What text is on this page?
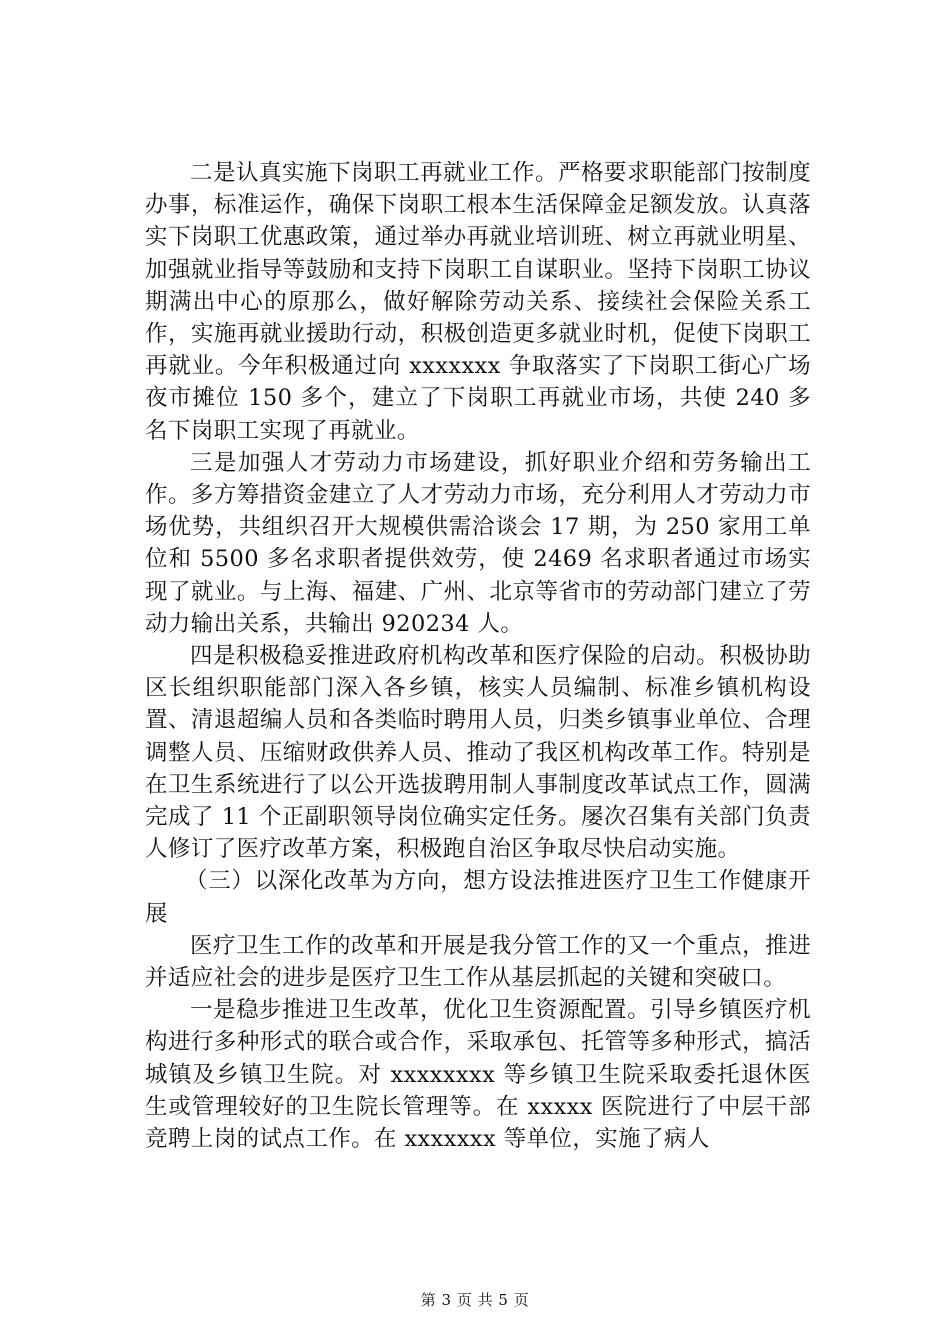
二是认真实施下岗职工再就业工作。严格要求职能部门按制度办事，标准运作，确保下岗职工根本生活保障金足额发放。认真落实下岗职工优惠政策，通过举办再就业培训班、树立再就业明星、加强就业指导等鼓励和支持下岗职工自谋职业。坚持下岗职工协议期满出中心的原那么，做好解除劳动关系、接续社会保险关系工作，实施再就业援助行动，积极创造更多就业时机，促使下岗职工再就业。今年积极通过向 xxxxxxx 争取落实了下岗职工街心广场夜市摊位 150 多个，建立了下岗职工再就业市场，共使 240 多名下岗职工实现了再就业。

三是加强人才劳动力市场建设，抓好职业介绍和劳务输出工作。多方筹措资金建立了人才劳动力市场，充分利用人才劳动力市场优势，共组织召开大规模供需洽谈会 17 期，为 250 家用工单位和 5500 多名求职者提供效劳，使 2469 名求职者通过市场实现了就业。与上海、福建、广州、北京等省市的劳动部门建立了劳动力输出关系，共输出 920234 人。

四是积极稳妥推进政府机构改革和医疗保险的启动。积极协助区长组织职能部门深入各乡镇，核实人员编制、标准乡镇机构设置、清退超编人员和各类临时聘用人员，归类乡镇事业单位、合理调整人员、压缩财政供养人员、推动了我区机构改革工作。特别是在卫生系统进行了以公开选拔聘用制人事制度改革试点工作，圆满完成了 11 个正副职领导岗位确实定任务。屡次召集有关部门负责人修订了医疗改革方案，积极跑自治区争取尽快启动实施。

（三）以深化改革为方向，想方设法推进医疗卫生工作健康开展

医疗卫生工作的改革和开展是我分管工作的又一个重点，推进并适应社会的进步是医疗卫生工作从基层抓起的关键和突破口。

一是稳步推进卫生改革，优化卫生资源配置。引导乡镇医疗机构进行多种形式的联合或合作，采取承包、托管等多种形式，搞活城镇及乡镇卫生院。对 xxxxxxxx 等乡镇卫生院采取委托退休医生或管理较好的卫生院长管理等。在 xxxxx 医院进行了中层干部竞聘上岗的试点工作。在 xxxxxxx 等单位，实施了病人

第 3 页 共 5 页
